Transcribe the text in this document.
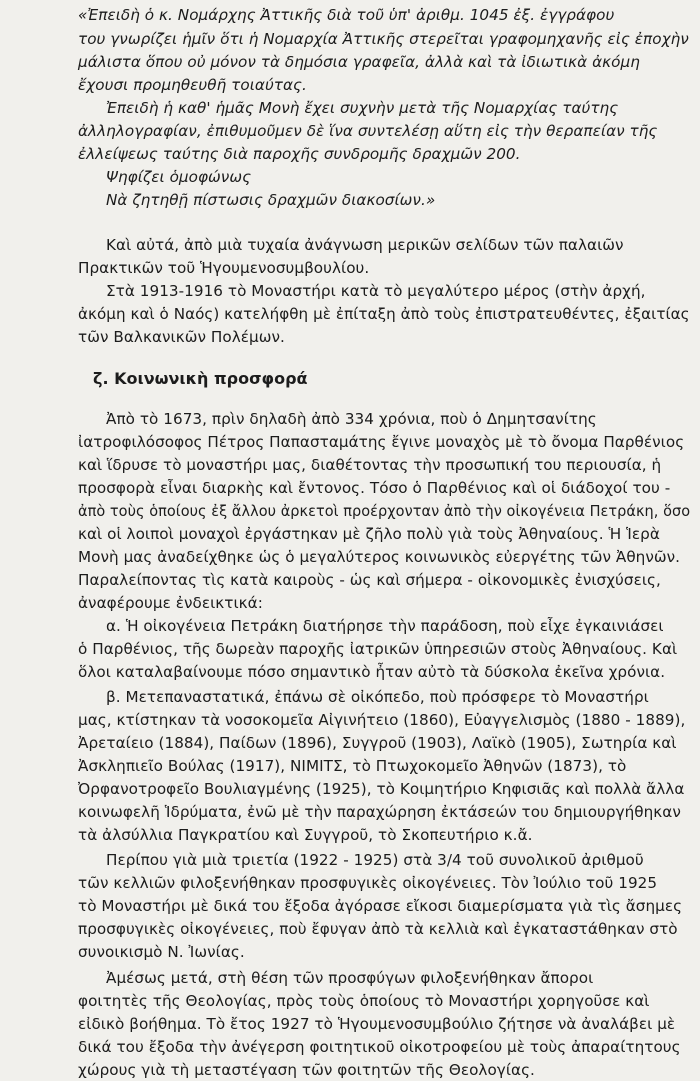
«Ἐπειδὴ ὁ κ. Νομάρχης Ἀττικῆς διὰ τοῦ ὑπ' ἀριθμ. 1045 ἐξ. ἐγγράφου
του γνωρίζει ἡμῖν ὅτι ἡ Νομαρχία Ἀττικῆς στερεῖται γραφομηχανῆς εἰς ἐποχὴν
μάλιστα ὅπου οὐ μόνον τὰ δημόσια γραφεῖα, ἀλλὰ καὶ τὰ ἰδιωτικὰ ἀκόμη
ἔχουσι προμηθευθῆ τοιαύτας.
Ἐπειδὴ ἡ καθ' ἡμᾶς Μονὴ ἔχει συχνὴν μετὰ τῆς Νομαρχίας ταύτης
ἀλληλογραφίαν, ἐπιθυμοῦμεν δὲ ἵνα συντελέσῃ αὕτη εἰς τὴν θεραπείαν τῆς
ἐλλείψεως ταύτης διὰ παροχῆς συνδρομῆς δραχμῶν 200.
Ψηφίζει ὁμοφώνως
Νὰ ζητηθῇ πίστωσις δραχμῶν διακοσίων.»
Καὶ αὐτά, ἀπὸ μιὰ τυχαία ἀνάγνωση μερικῶν σελίδων τῶν παλαιῶν
Πρακτικῶν τοῦ Ἡγουμενοσυμβουλίου.
Στὰ 1913-1916 τὸ Μοναστήρι κατὰ τὸ μεγαλύτερο μέρος (στὴν ἀρχή,
ἀκόμη καὶ ὁ Ναός) κατελήφθη μὲ ἐπίταξη ἀπὸ τοὺς ἐπιστρατευθέντες, ἐξαιτίας
τῶν Βαλκανικῶν Πολέμων.
ζ. Κοινωνικὴ προσφορά
Ἀπὸ τὸ 1673, πρὶν δηλαδὴ ἀπὸ 334 χρόνια, ποὺ ὁ Δημητσανίτης
ἰατροφιλόσοφος Πέτρος Παπασταμάτης ἔγινε μοναχὸς μὲ τὸ ὄνομα Παρθένιος
καὶ ἵδρυσε τὸ μοναστήρι μας, διαθέτοντας τὴν προσωπική του περιουσία, ἡ
προσφορὰ εἶναι διαρκὴς καὶ ἔντονος. Τόσο ὁ Παρθένιος καὶ οἱ διάδοχοί του -
ἀπὸ τοὺς ὁποίους ἐξ ἄλλου ἀρκετοὶ προέρχονταν ἀπὸ τὴν οἰκογένεια Πετράκη, ὅσο
καὶ οἱ λοιποὶ μοναχοὶ ἐργάστηκαν μὲ ζῆλο πολὺ γιὰ τοὺς Ἀθηναίους. Ἡ Ἱερὰ
Μονὴ μας ἀναδείχθηκε ὡς ὁ μεγαλύτερος κοινωνικὸς εὐεργέτης τῶν Ἀθηνῶν.
Παραλείποντας τὶς κατὰ καιροὺς - ὡς καὶ σήμερα - οἰκονομικὲς ἐνισχύσεις,
ἀναφέρουμε ἐνδεικτικά:
α. Ἡ οἰκογένεια Πετράκη διατήρησε τὴν παράδοση, ποὺ εἶχε ἐγκαινιάσει
ὁ Παρθένιος, τῆς δωρεὰν παροχῆς ἰατρικῶν ὑπηρεσιῶν στοὺς Ἀθηναίους. Καὶ
ὅλοι καταλαβαίνουμε πόσο σημαντικὸ ἦταν αὐτὸ τὰ δύσκολα ἐκεῖνα χρόνια.
β. Μετεπαναστατικά, ἐπάνω σὲ οἰκόπεδο, ποὺ πρόσφερε τὸ Μοναστήρι
μας, κτίστηκαν τὰ νοσοκομεῖα Αἰγινήτειο (1860), Εὐαγγελισμὸς (1880 - 1889),
Ἀρεταίειο (1884), Παίδων (1896), Συγγροῦ (1903), Λαϊκὸ (1905), Σωτηρία καὶ
Ἀσκληπιεῖο Βούλας (1917), ΝΙΜΙΤΣ, τὸ Πτωχοκομεῖο Ἀθηνῶν (1873), τὸ
Ὀρφανοτροφεῖο Βουλιαγμένης (1925), τὸ Κοιμητήριο Κηφισιᾶς καὶ πολλὰ ἄλλα
κοινωφελῆ Ἱδρύματα, ἐνῶ μὲ τὴν παραχώρηση ἐκτάσεών του δημιουργήθηκαν
τὰ ἀλσύλλια Παγκρατίου καὶ Συγγροῦ, τὸ Σκοπευτήριο κ.ἄ.
Περίπου γιὰ μιὰ τριετία (1922 - 1925) στὰ 3/4 τοῦ συνολικοῦ ἀριθμοῦ
τῶν κελλιῶν φιλοξενήθηκαν προσφυγικὲς οἰκογένειες. Τὸν Ἰούλιο τοῦ 1925
τὸ Μοναστήρι μὲ δικά του ἔξοδα ἀγόρασε εἴκοσι διαμερίσματα γιὰ τὶς ἄσημες
προσφυγικὲς οἰκογένειες, ποὺ ἔφυγαν ἀπὸ τὰ κελλιὰ καὶ ἐγκαταστάθηκαν στὸ
συνοικισμὸ Ν. Ἰωνίας.
Ἀμέσως μετά, στὴ θέση τῶν προσφύγων φιλοξενήθηκαν ἄποροι
φοιτητὲς τῆς Θεολογίας, πρὸς τοὺς ὁποίους τὸ Μοναστήρι χορηγοῦσε καὶ
εἰδικὸ βοήθημα. Τὸ ἔτος 1927 τὸ Ἡγουμενοσυμβούλιο ζήτησε νὰ ἀναλάβει μὲ
δικά του ἔξοδα τὴν ἀνέγερση φοιτητικοῦ οἰκοτροφείου μὲ τοὺς ἀπαραίτητους
χώρους γιὰ τὴ μεταστέγαση τῶν φοιτητῶν τῆς Θεολογίας.
